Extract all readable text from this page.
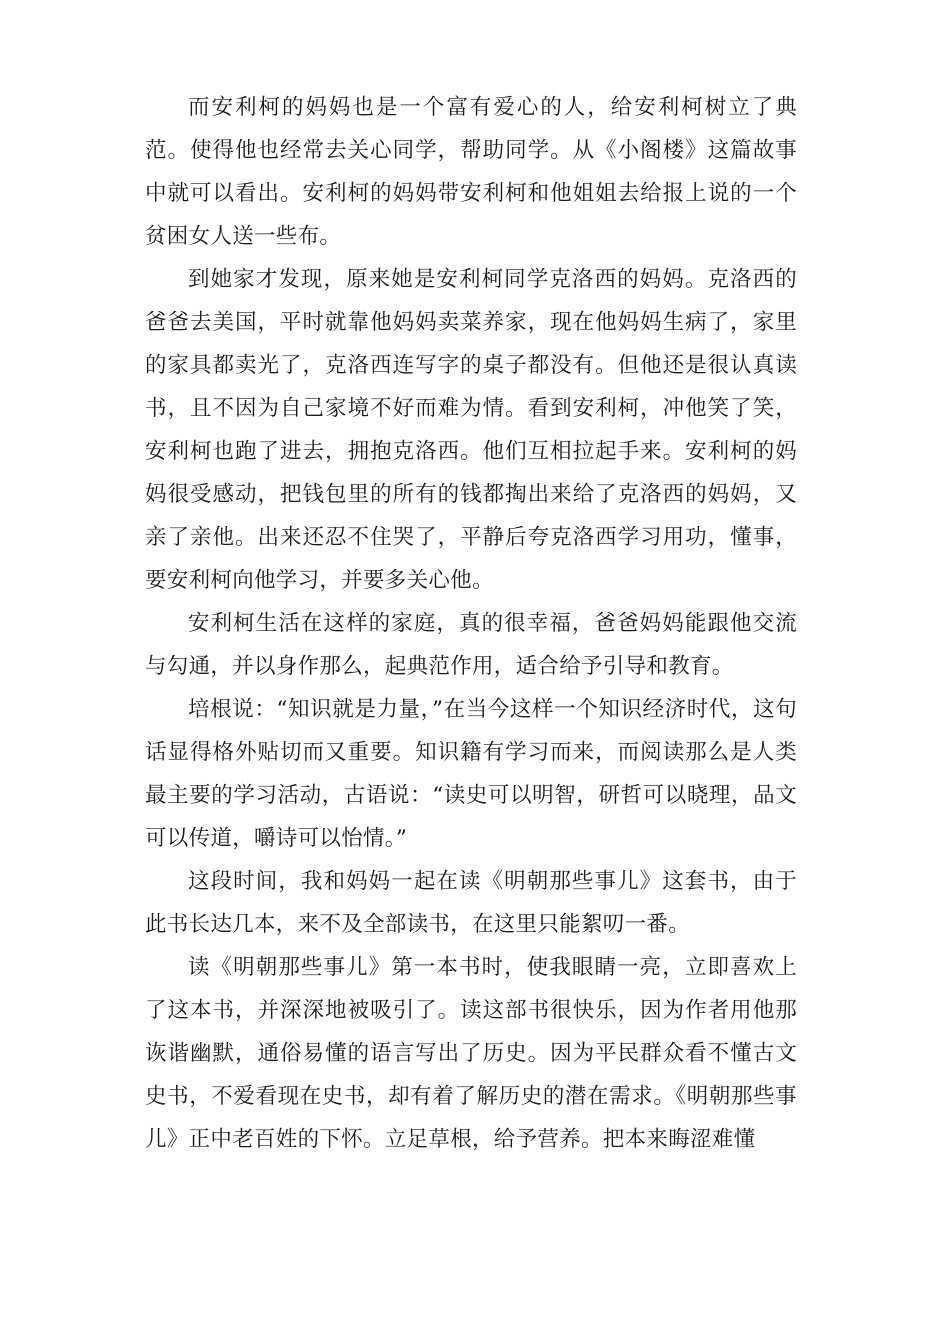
而安利柯的妈妈也是一个富有爱心的人，给安利柯树立了典范。使得他也经常去关心同学，帮助同学。从《小阁楼》这篇故事中就可以看出。安利柯的妈妈带安利柯和他姐姐去给报上说的一个贫困女人送一些布。

到她家才发现，原来她是安利柯同学克洛西的妈妈。克洛西的爸爸去美国，平时就靠他妈妈卖菜养家，现在他妈妈生病了，家里的家具都卖光了，克洛西连写字的桌子都没有。但他还是很认真读书，且不因为自己家境不好而难为情。看到安利柯，冲他笑了笑，安利柯也跑了进去，拥抱克洛西。他们互相拉起手来。安利柯的妈妈很受感动，把钱包里的所有的钱都掏出来给了克洛西的妈妈，又亲了亲他。出来还忍不住哭了，平静后夸克洛西学习用功，懂事，要安利柯向他学习，并要多关心他。

安利柯生活在这样的家庭，真的很幸福，爸爸妈妈能跟他交流与勾通，并以身作那么，起典范作用，适合给予引导和教育。

培根说：“知识就是力量，”在当今这样一个知识经济时代，这句话显得格外贴切而又重要。知识籍有学习而来，而阅读那么是人类最主要的学习活动，古语说：“读史可以明智，研哲可以晓理，品文可以传道，嚼诗可以怡情。”

这段时间，我和妈妈一起在读《明朝那些事儿》这套书，由于此书长达几本，来不及全部读书，在这里只能絮叨一番。

读《明朝那些事儿》第一本书时，使我眼睛一亮，立即喜欢上了这本书，并深深地被吸引了。读这部书很快乐，因为作者用他那诙谐幽默，通俗易懂的语言写出了历史。因为平民群众看不懂古文史书，不爱看现在史书，却有着了解历史的潜在需求。《明朝那些事儿》正中老百姓的下怀。立足草根，给予营养。把本来晦涩难懂
